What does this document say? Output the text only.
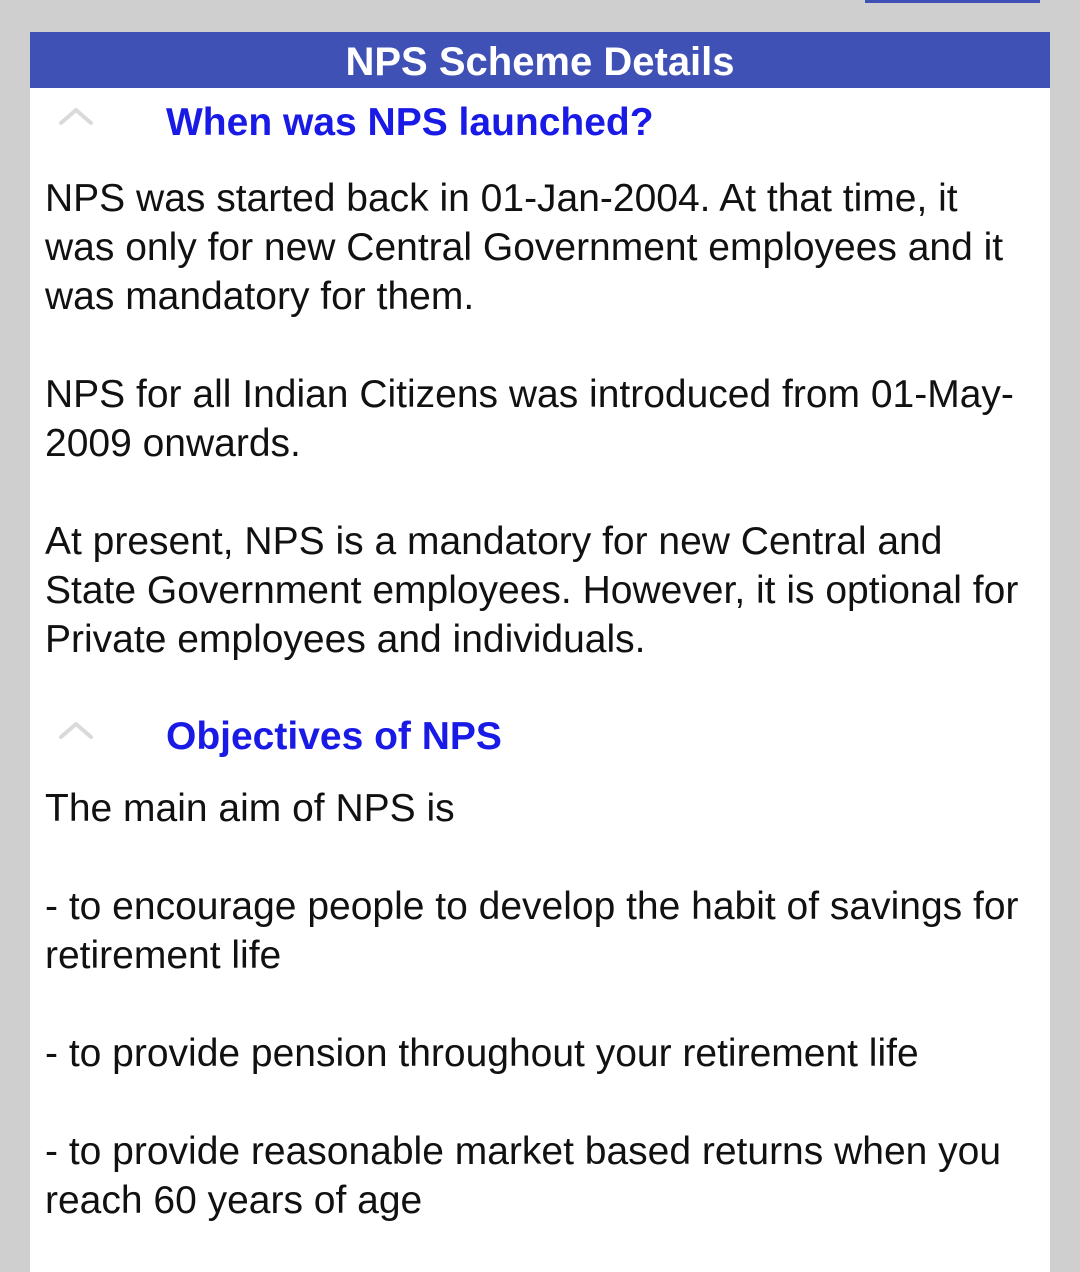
NPS Scheme Details
When was NPS launched?

NPS was started back in 01-Jan-2004. At that time, it was only for new Central Government employees and it was mandatory for them.

NPS for all Indian Citizens was introduced from 01-May-2009 onwards.

At present, NPS is a mandatory for new Central and State Government employees. However, it is optional for Private employees and individuals.

Objectives of NPS

The main aim of NPS is

- to encourage people to develop the habit of savings for retirement life

- to provide pension throughout your retirement life

- to provide reasonable market based returns when you reach 60 years of age
